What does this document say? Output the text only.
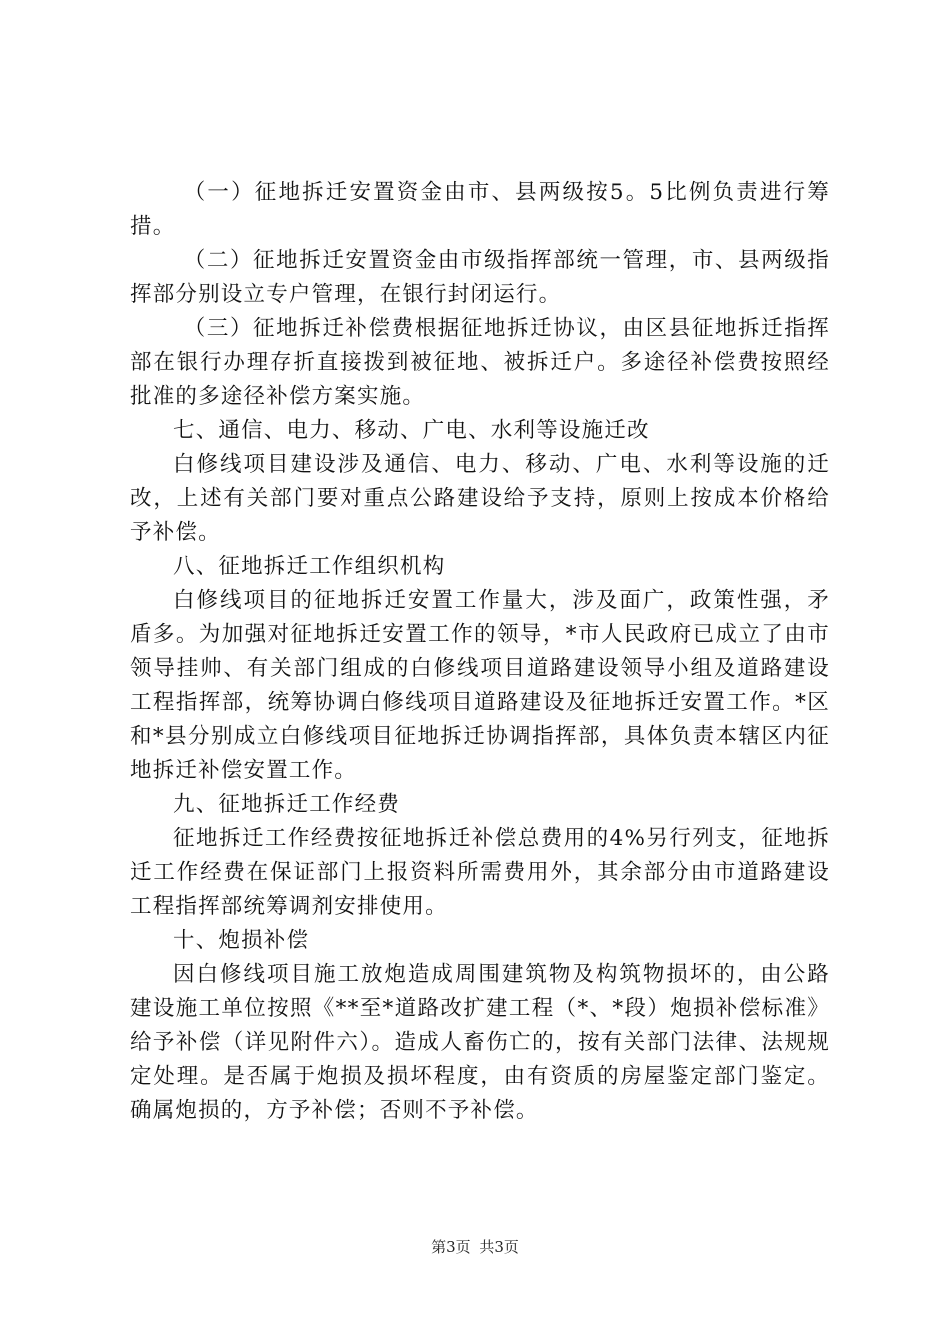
（一）征地拆迁安置资金由市、县两级按5。5比例负责进行筹措。

（二）征地拆迁安置资金由市级指挥部统一管理，市、县两级指挥部分别设立专户管理，在银行封闭运行。

（三）征地拆迁补偿费根据征地拆迁协议，由区县征地拆迁指挥部在银行办理存折直接拨到被征地、被拆迁户。多途径补偿费按照经批准的多途径补偿方案实施。

七、通信、电力、移动、广电、水利等设施迁改

白修线项目建设涉及通信、电力、移动、广电、水利等设施的迁改，上述有关部门要对重点公路建设给予支持，原则上按成本价格给予补偿。

八、征地拆迁工作组织机构

白修线项目的征地拆迁安置工作量大，涉及面广，政策性强，矛盾多。为加强对征地拆迁安置工作的领导，*市人民政府已成立了由市领导挂帅、有关部门组成的白修线项目道路建设领导小组及道路建设工程指挥部，统筹协调白修线项目道路建设及征地拆迁安置工作。*区和*县分别成立白修线项目征地拆迁协调指挥部，具体负责本辖区内征地拆迁补偿安置工作。

九、征地拆迁工作经费

征地拆迁工作经费按征地拆迁补偿总费用的4%另行列支，征地拆迁工作经费在保证部门上报资料所需费用外，其余部分由市道路建设工程指挥部统筹调剂安排使用。

十、炮损补偿

因白修线项目施工放炮造成周围建筑物及构筑物损坏的，由公路建设施工单位按照《**至*道路改扩建工程（*、*段）炮损补偿标准》给予补偿（详见附件六）。造成人畜伤亡的，按有关部门法律、法规规定处理。是否属于炮损及损坏程度，由有资质的房屋鉴定部门鉴定。确属炮损的，方予补偿；否则不予补偿。

第3页 共3页
